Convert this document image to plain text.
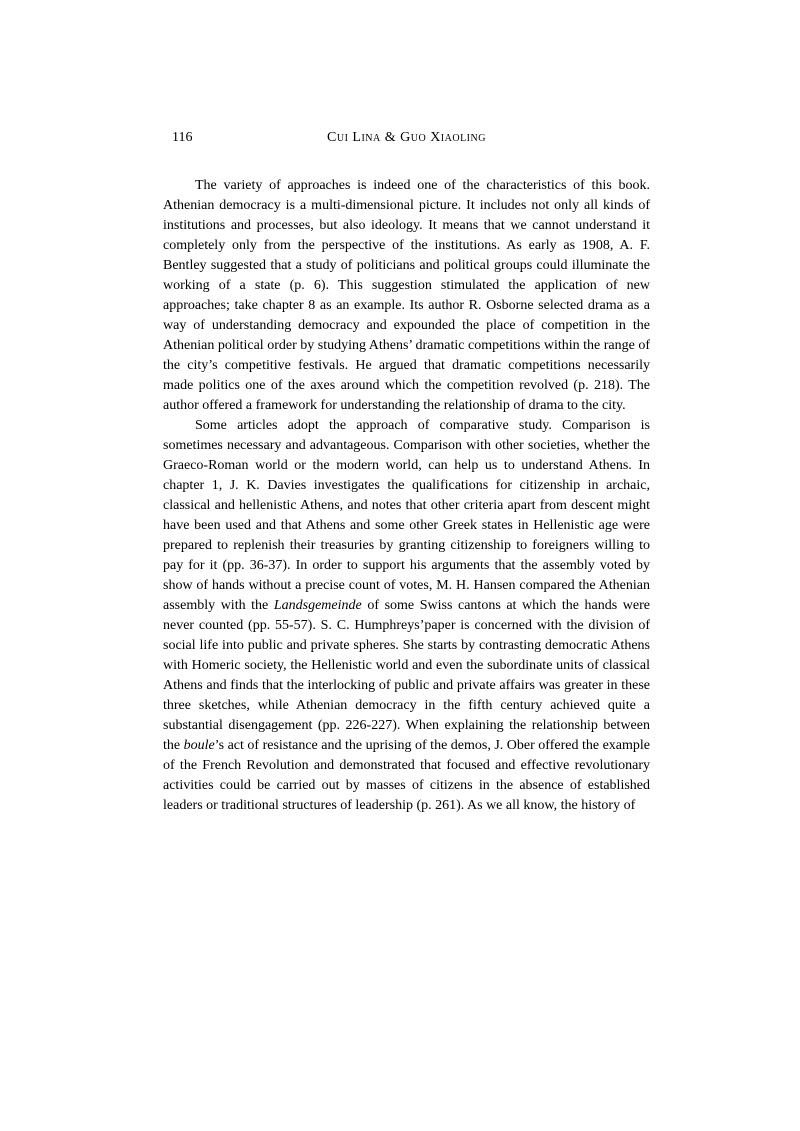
116	Cui Lina & Guo Xiaoling

The variety of approaches is indeed one of the characteristics of this book. Athenian democracy is a multi-dimensional picture. It includes not only all kinds of institutions and processes, but also ideology. It means that we cannot understand it completely only from the perspective of the institutions. As early as 1908, A. F. Bentley suggested that a study of politicians and political groups could illuminate the working of a state (p. 6). This suggestion stimulated the application of new approaches; take chapter 8 as an example. Its author R. Osborne selected drama as a way of understanding democracy and expounded the place of competition in the Athenian political order by studying Athens’ dramatic competitions within the range of the city’s competitive festivals. He argued that dramatic competitions necessarily made politics one of the axes around which the competition revolved (p. 218). The author offered a framework for understanding the relationship of drama to the city.

Some articles adopt the approach of comparative study. Comparison is sometimes necessary and advantageous. Comparison with other societies, whether the Graeco-Roman world or the modern world, can help us to understand Athens. In chapter 1, J. K. Davies investigates the qualifications for citizenship in archaic, classical and hellenistic Athens, and notes that other criteria apart from descent might have been used and that Athens and some other Greek states in Hellenistic age were prepared to replenish their treasuries by granting citizenship to foreigners willing to pay for it (pp. 36-37). In order to support his arguments that the assembly voted by show of hands without a precise count of votes, M. H. Hansen compared the Athenian assembly with the Landsgemeinde of some Swiss cantons at which the hands were never counted (pp. 55-57). S. C. Humphreys’paper is concerned with the division of social life into public and private spheres. She starts by contrasting democratic Athens with Homeric society, the Hellenistic world and even the subordinate units of classical Athens and finds that the interlocking of public and private affairs was greater in these three sketches, while Athenian democracy in the fifth century achieved quite a substantial disengagement (pp. 226-227). When explaining the relationship between the boule’s act of resistance and the uprising of the demos, J. Ober offered the example of the French Revolution and demonstrated that focused and effective revolutionary activities could be carried out by masses of citizens in the absence of established leaders or traditional structures of leadership (p. 261). As we all know, the history of
